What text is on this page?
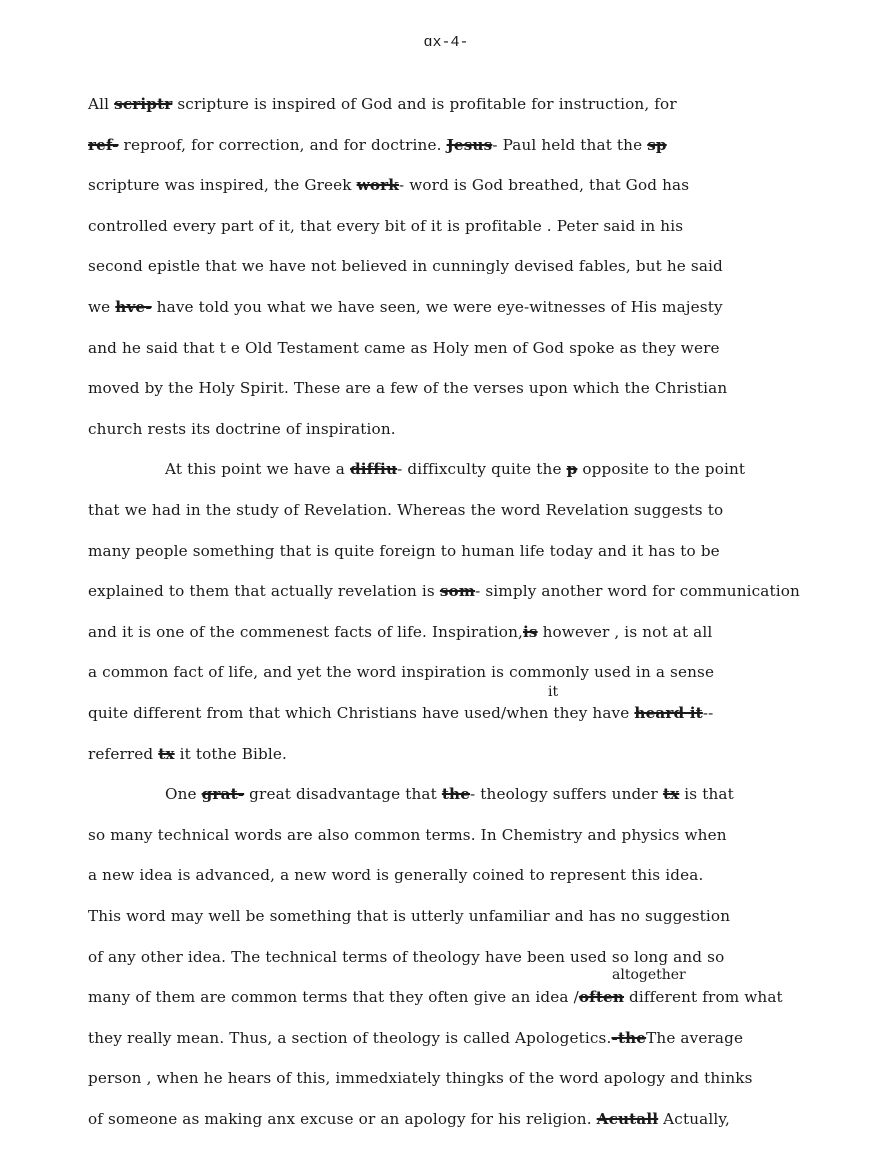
ɑx-4-
All scriptr scripture is inspired of God and is profitable for instruction, for
ref- reproof, for correction, and for doctrine. Jesus- Paul held that the sp
scripture was inspired, the Greek work- word is God breathed, that God has
controlled every part of it, that every bit of it is profitable . Peter said in his
second epistle that we have not believed in cunningly devised fables, but he said
we hve- have told you what we have seen, we were eye-witnesses of His majesty
and he said that t e Old Testament came as Holy men of God spoke as they were
moved by the Holy Spirit. These are a few of the verses upon which the Christian
church rests its doctrine of inspiration.
At this point we have a diffiu- diffixculty quite the p opposite to the point
that we had in the study of Revelation. Whereas the word Revelation suggests to
many people something that is quite foreign to human life today and it has to be
explained to them that actually revelation is som- simply another word for communication
and it is one of the commenest facts of life. Inspiration,is however , is not at all
a common fact of life, and yet the word inspiration is commonly used in a sense
quite different from that which Christians have used/when they have heard it--
referred tx it tothe Bible.
One grat- great disadvantage that the- theology suffers under tx is that
so many technical words are also common terms. In Chemistry and physics when
a new idea is advanced, a new word is generally coined to represent this idea.
This word may well be something that is utterly unfamiliar and has no suggestion
of any other idea. The technical terms of theology have been used so long and so
many of them are common terms that they often give an idea /often different from what
they really mean. Thus, a section of theology is called Apologetics.-theThe average
person , when he hears of this, immedxiately thingks of the word apology and thinks
of someone as making anx excuse or an apology for his religion. Acutall Actually,
it
altogether
